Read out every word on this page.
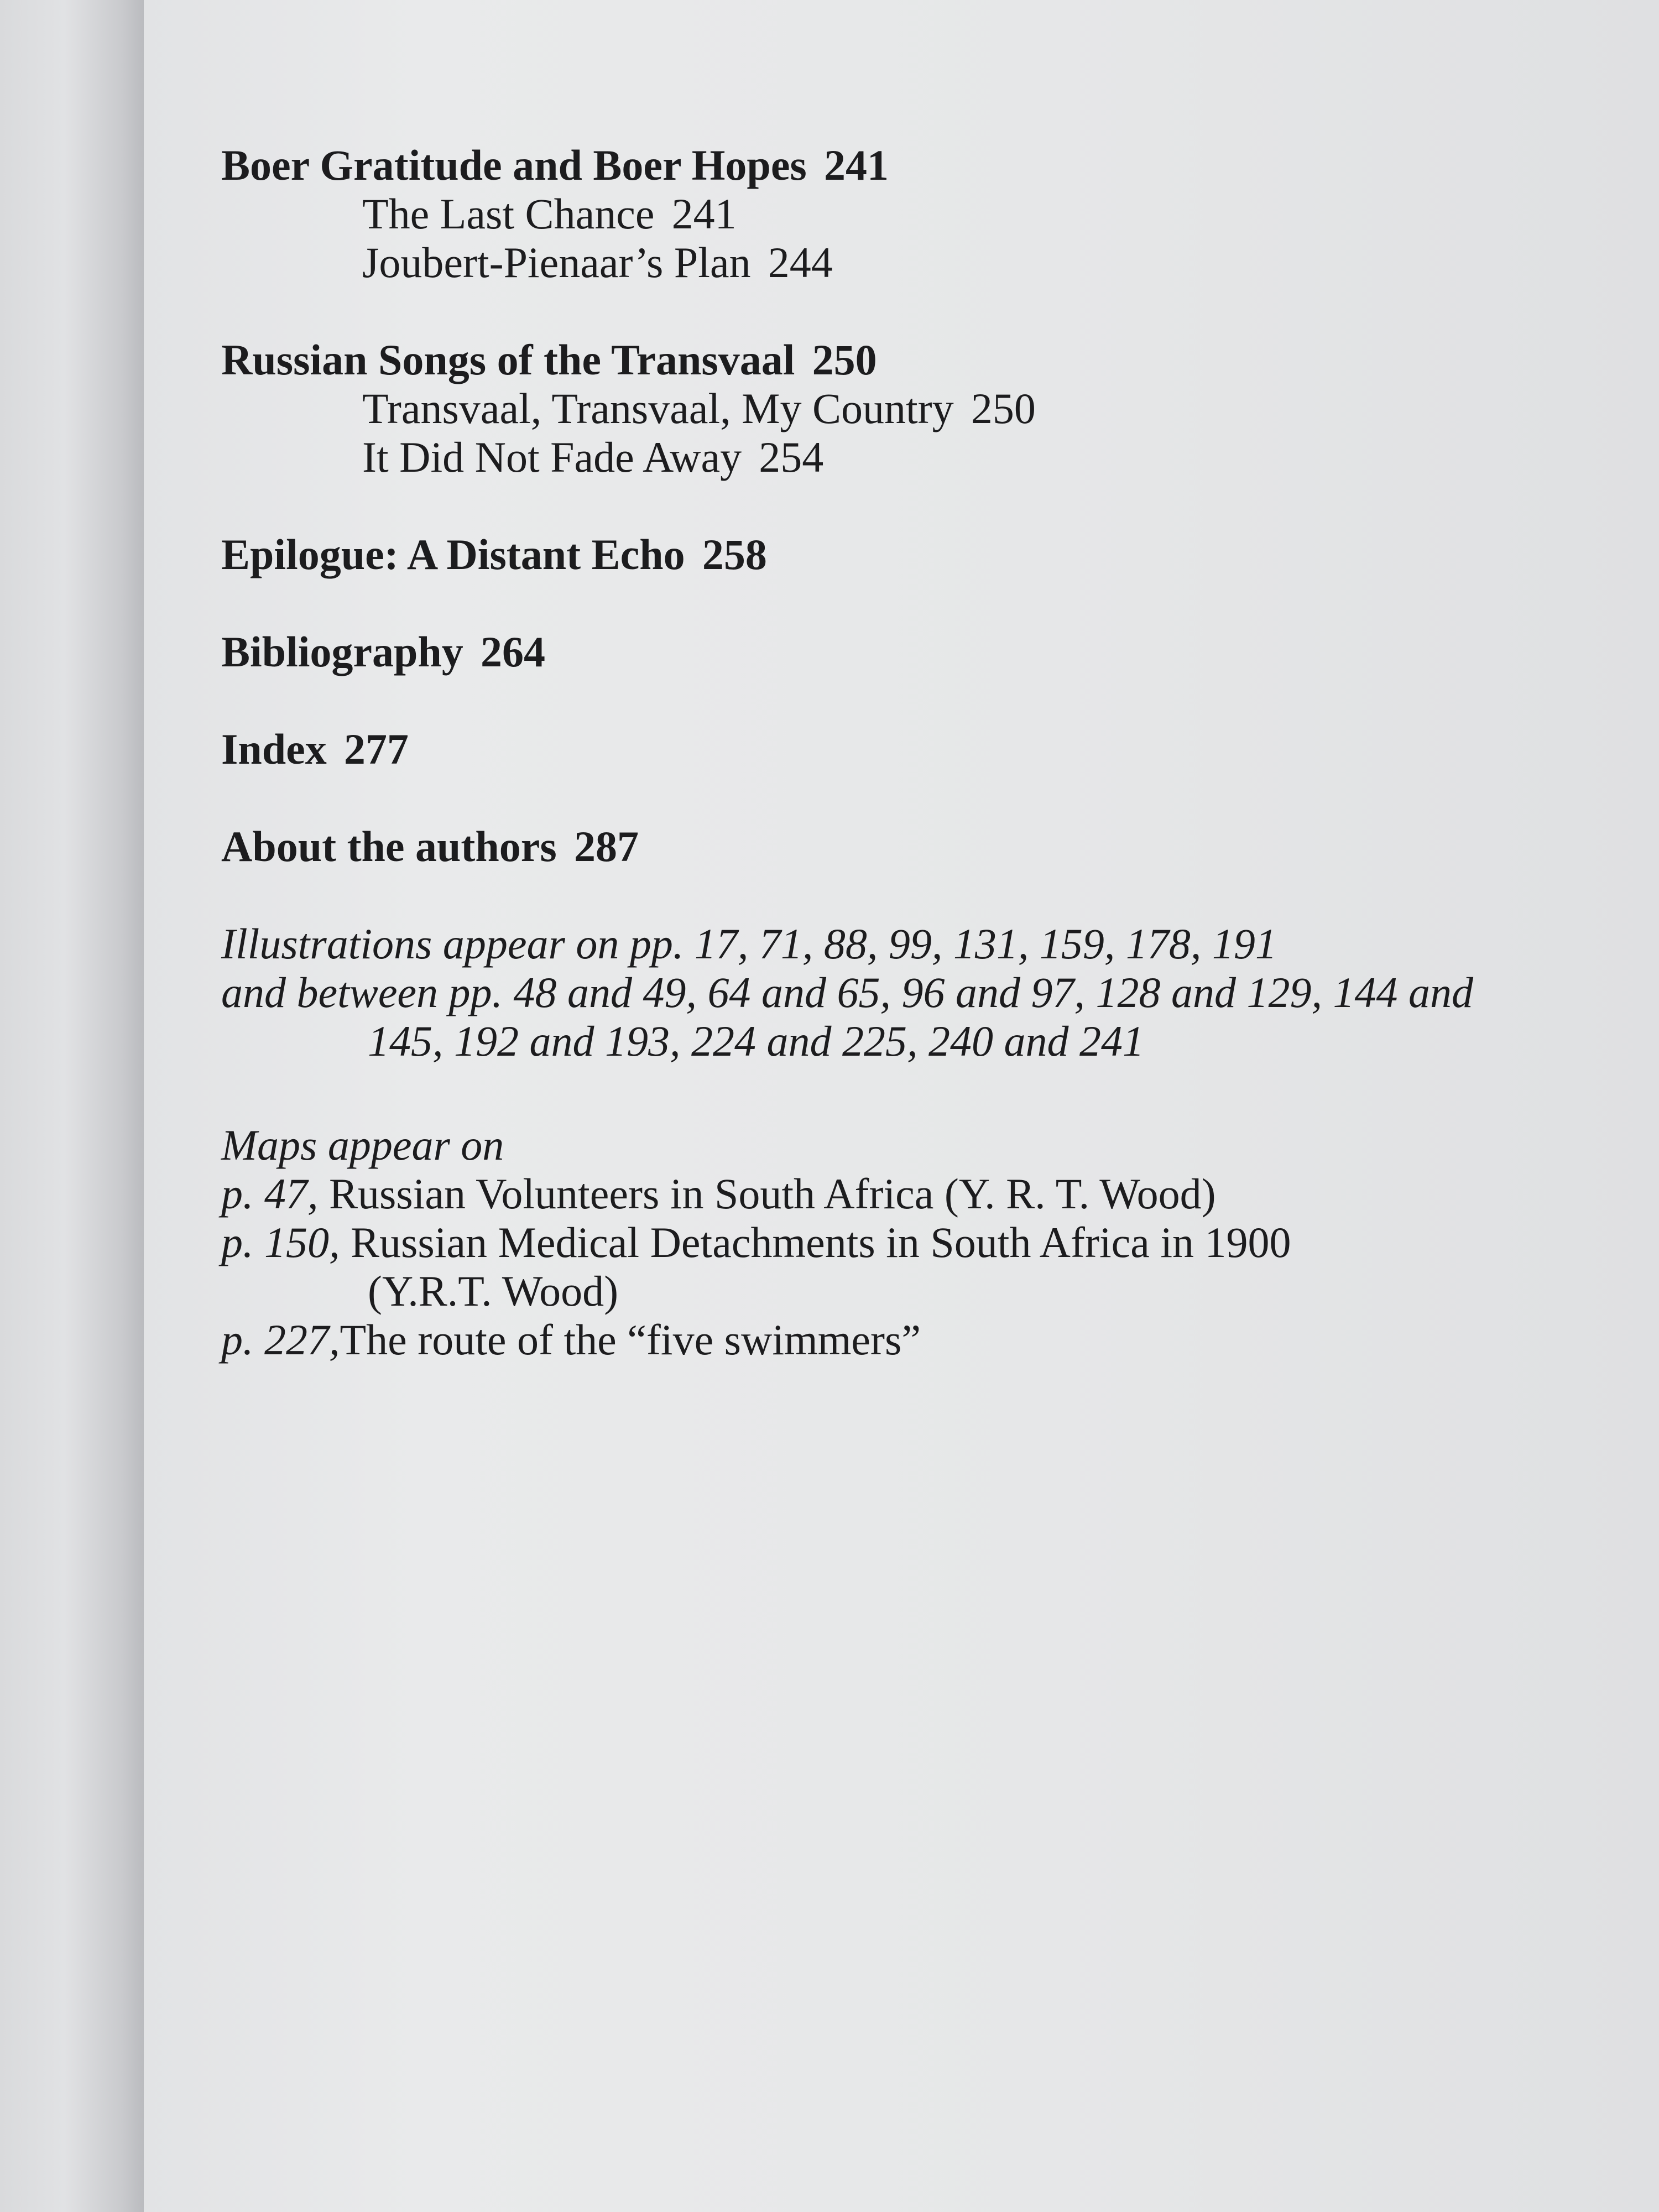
Boer Gratitude and Boer Hopes 241
The Last Chance 241
Joubert-Pienaar’s Plan 244
Russian Songs of the Transvaal 250
Transvaal, Transvaal, My Country 250
It Did Not Fade Away 254
Epilogue: A Distant Echo 258
Bibliography 264
Index 277
About the authors 287
Illustrations appear on pp. 17, 71, 88, 99, 131, 159, 178, 191
and between pp. 48 and 49, 64 and 65, 96 and 97, 128 and 129, 144 and
145, 192 and 193, 224 and 225, 240 and 241
Maps appear on
p. 47, Russian Volunteers in South Africa (Y. R. T. Wood)
p. 150, Russian Medical Detachments in South Africa in 1900
(Y.R.T. Wood)
p. 227,The route of the “five swimmers”
